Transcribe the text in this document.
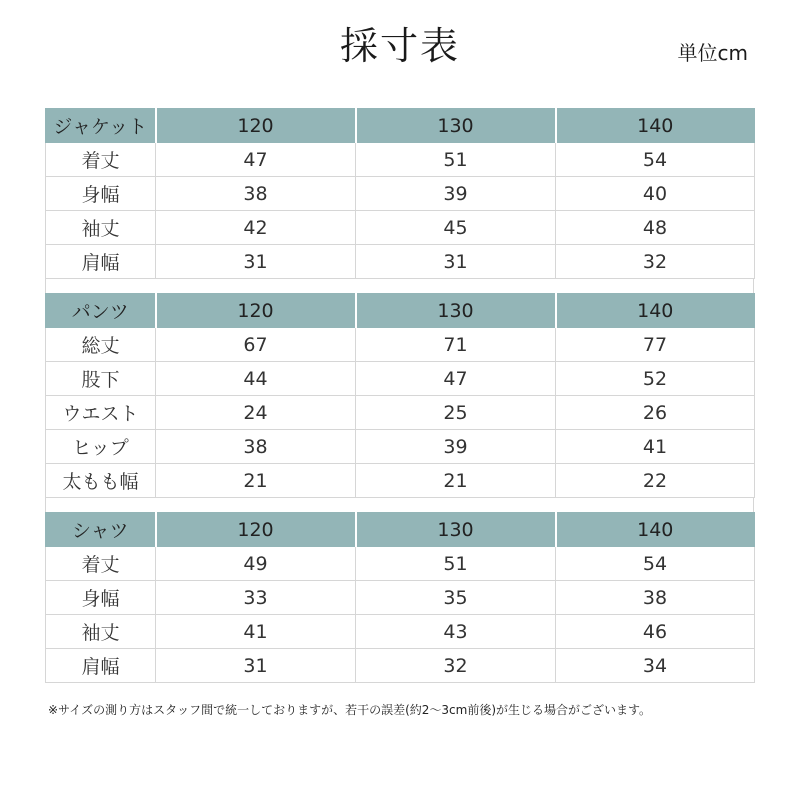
採寸表	単位cm
ジャケット	120	130	140
着丈	47	51	54
身幅	38	39	40
袖丈	42	45	48
肩幅	31	31	32
パンツ	120	130	140
総丈	67	71	77
股下	44	47	52
ウエスト	24	25	26
ヒップ	38	39	41
太もも幅	21	21	22
シャツ	120	130	140
着丈	49	51	54
身幅	33	35	38
袖丈	41	43	46
肩幅	31	32	34
※サイズの測り方はスタッフ間で統一しておりますが、若干の誤差(約2〜3cm前後)が生じる場合がございます。
